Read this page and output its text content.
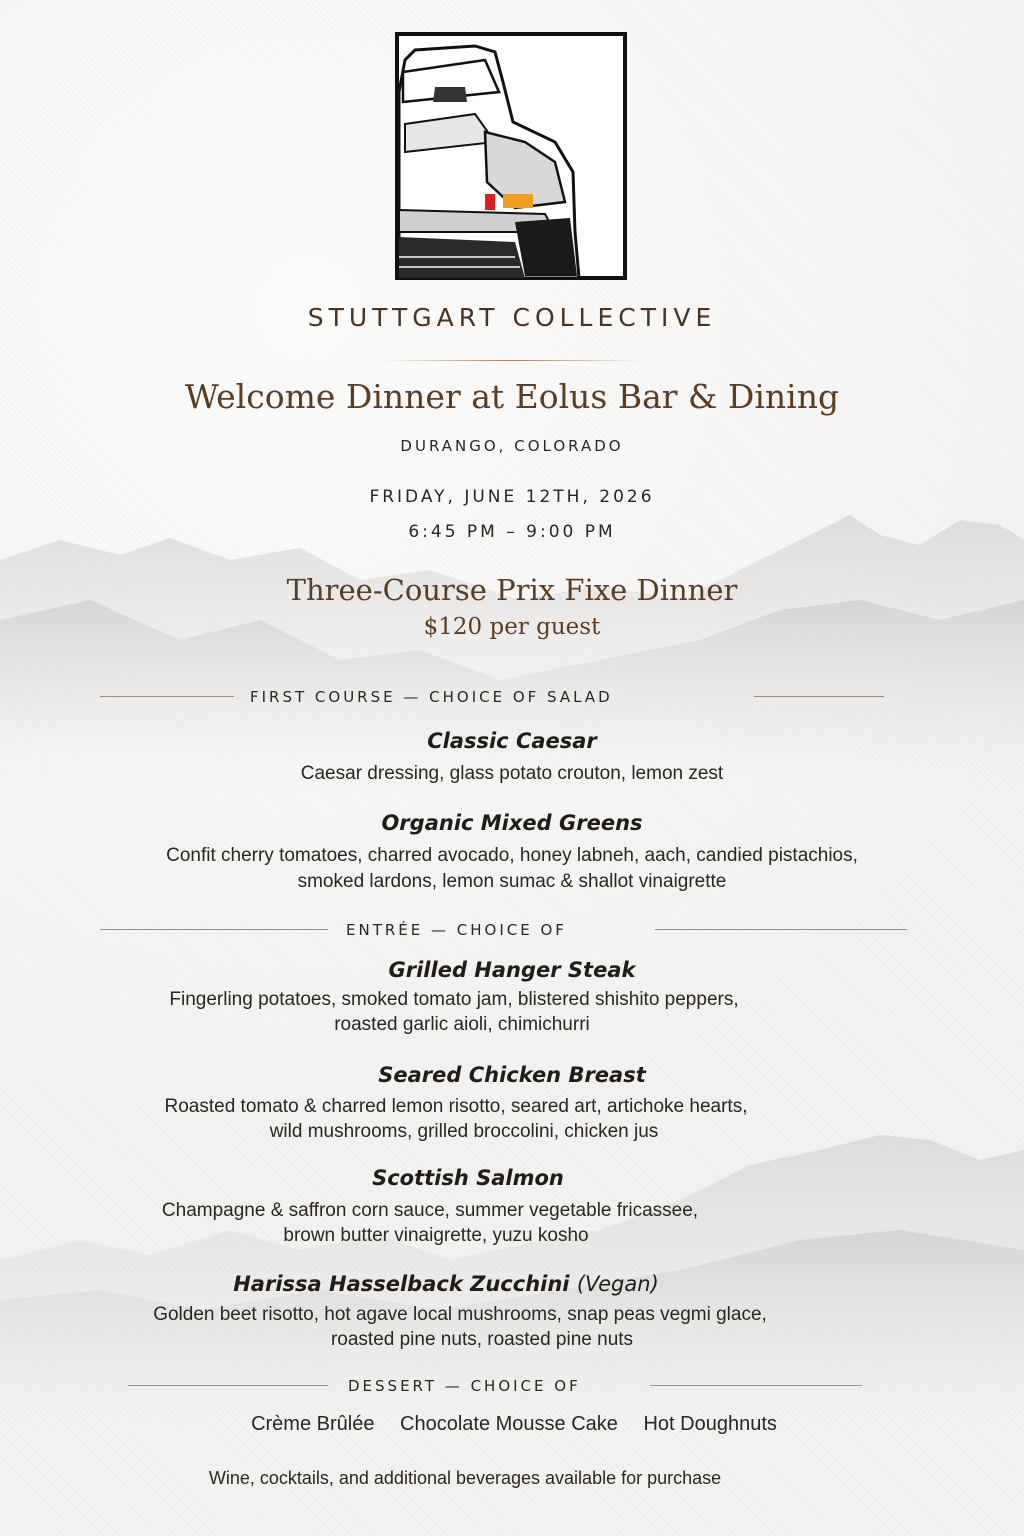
STUTTGART COLLECTIVE
Welcome Dinner at Eolus Bar & Dining
DURANGO, COLORADO
FRIDAY, JUNE 12TH, 2026
6:45 PM – 9:00 PM
Three-Course Prix Fixe Dinner
$120 per guest
FIRST COURSE — CHOICE OF SALAD
Classic Caesar
Caesar dressing, glass potato crouton, lemon zest
Organic Mixed Greens
Confit cherry tomatoes, charred avocado, honey labneh, aach, candied pistachios,
smoked lardons, lemon sumac & shallot vinaigrette
ENTRÉE — CHOICE OF
Grilled Hanger Steak
Fingerling potatoes, smoked tomato jam, blistered shishito peppers,
roasted garlic aioli, chimichurri
Seared Chicken Breast
Roasted tomato & charred lemon risotto, seared art, artichoke hearts,
wild mushrooms, grilled broccolini, chicken jus
Scottish Salmon
Champagne & saffron corn sauce, summer vegetable fricassee,
brown butter vinaigrette, yuzu kosho
Harissa Hasselback Zucchini (Vegan)
Golden beet risotto, hot agave local mushrooms, snap peas vegmi glace,
roasted pine nuts, roasted pine nuts
DESSERT — CHOICE OF
Crème Brûlée Chocolate Mousse Cake Hot Doughnuts
Wine, cocktails, and additional beverages available for purchase
